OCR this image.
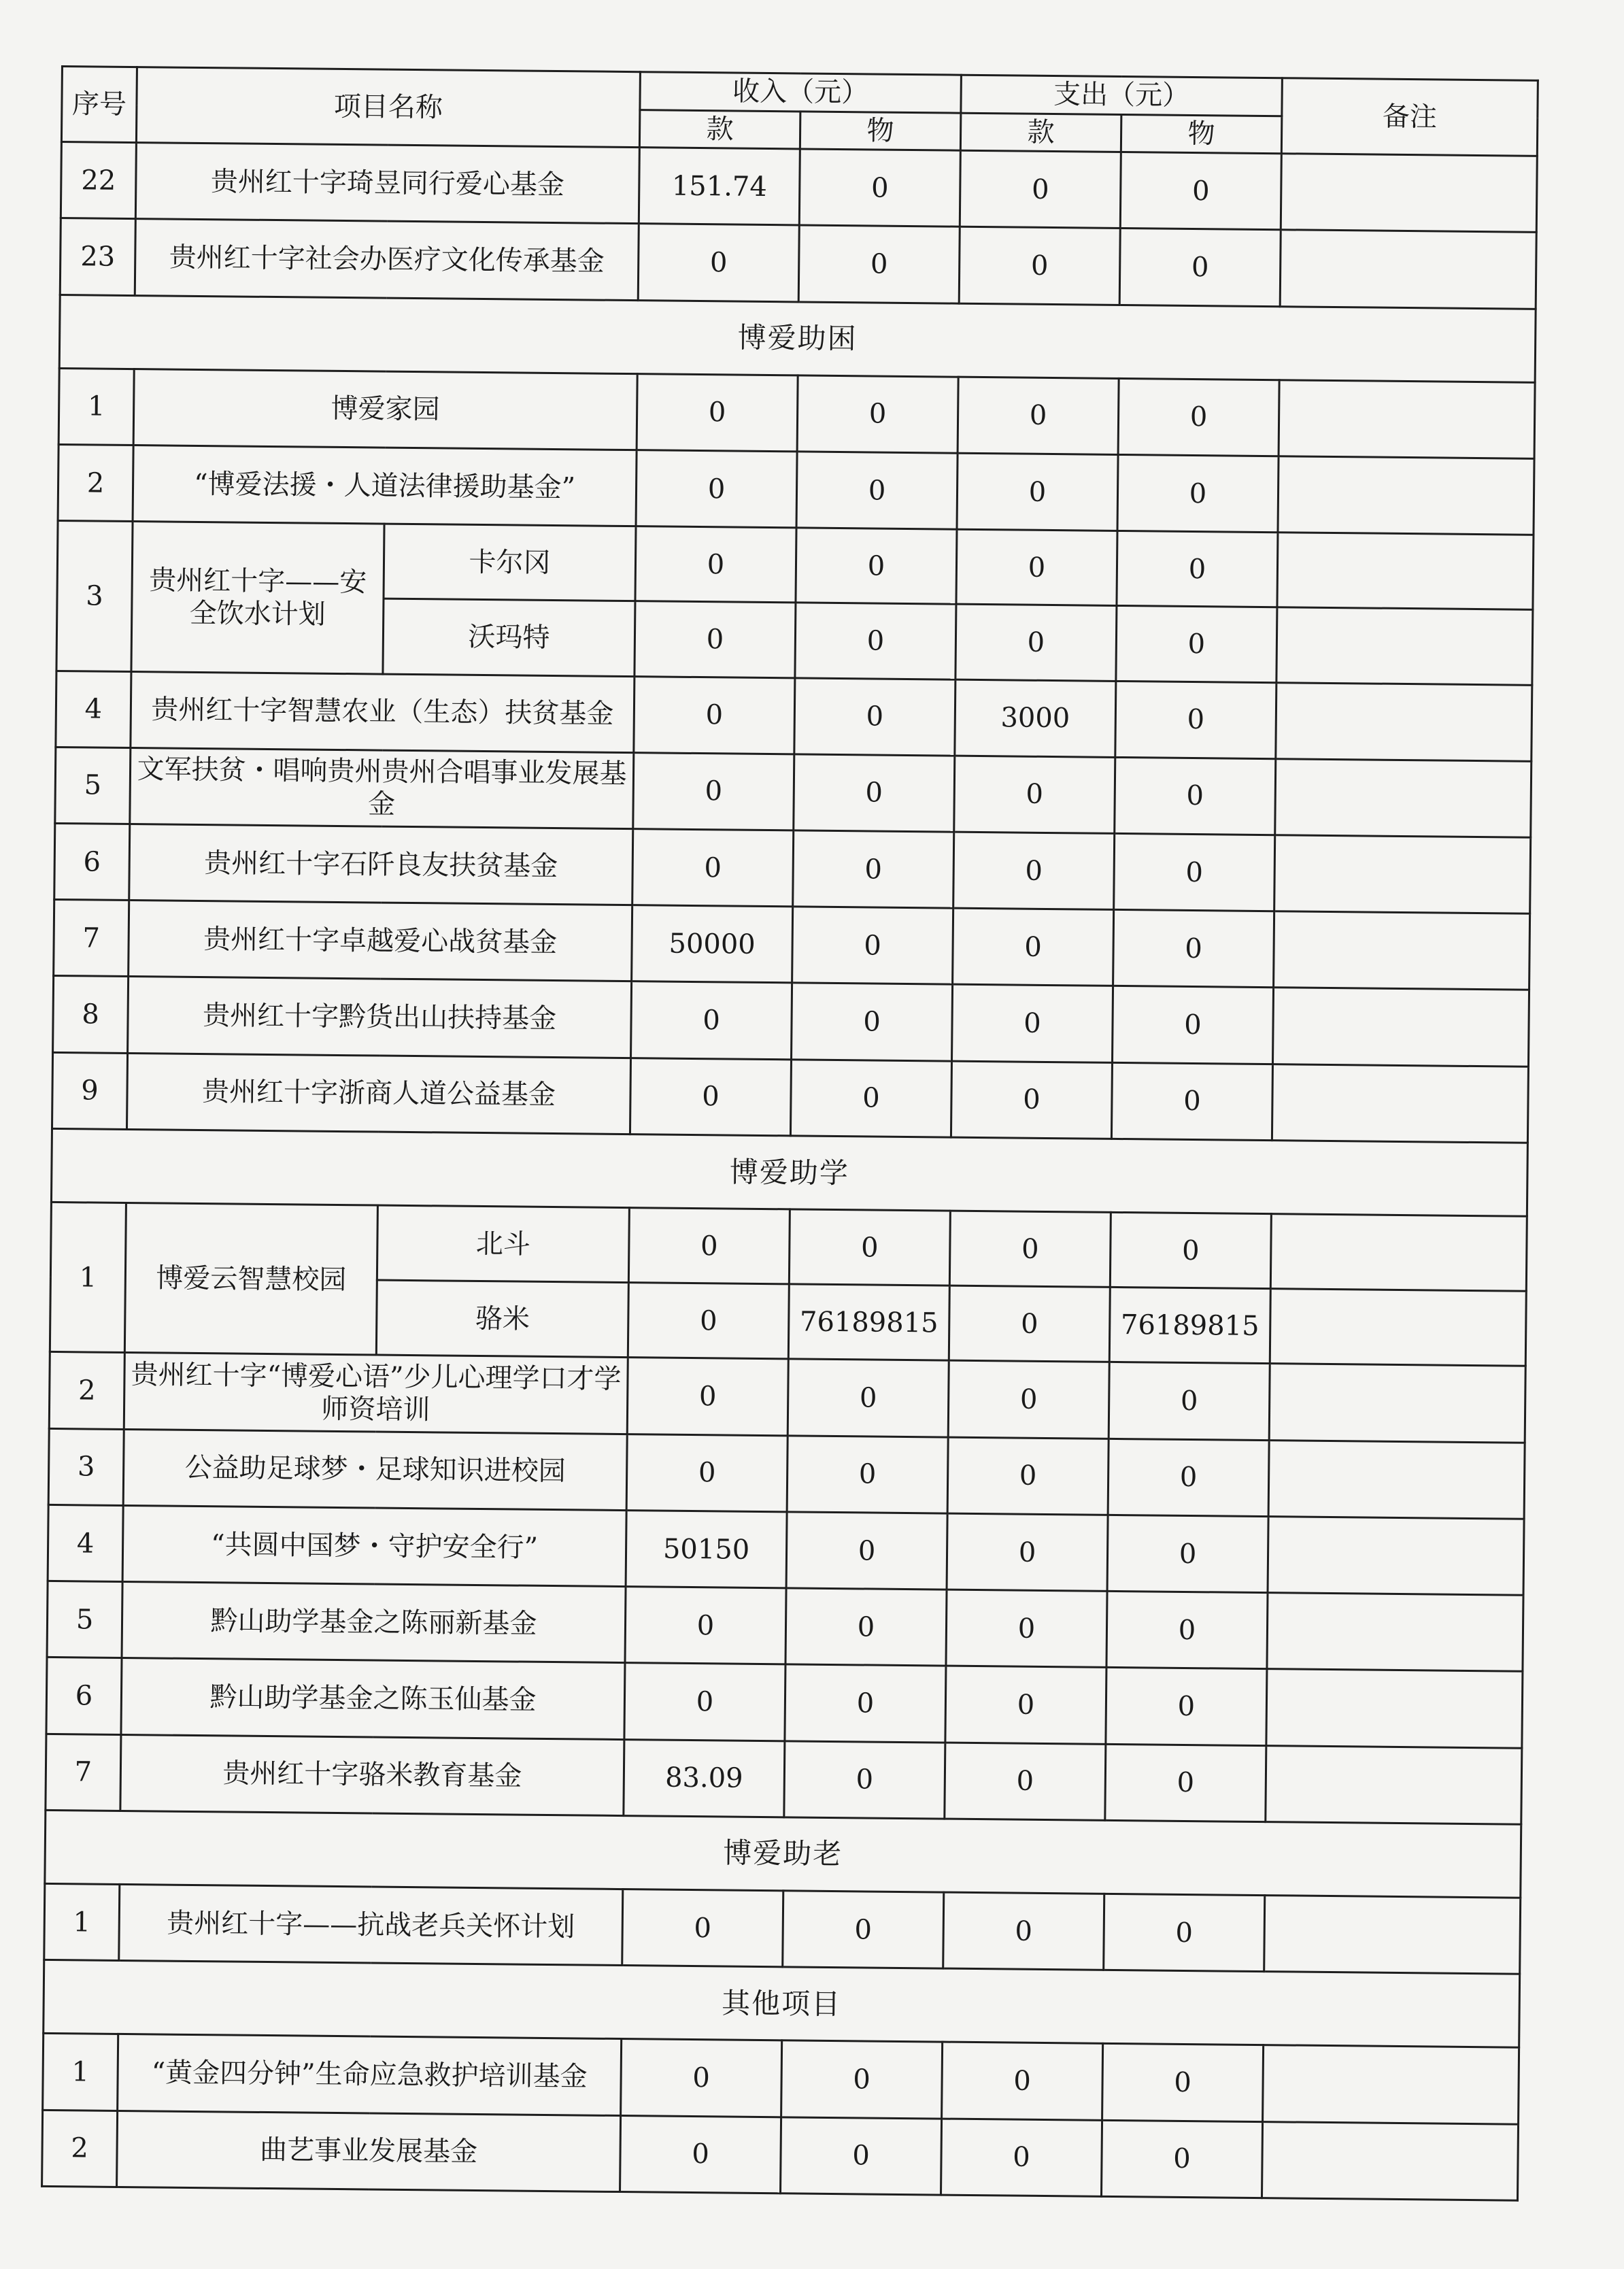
序号	项目名称		收入（元）		支出（元）		备注
			款	物	款	物	
22	贵州红十字琦昱同行爱心基金		151.74	0	0	0	
23	贵州红十字社会办医疗文化传承基金		0	0	0	0	
博爱助困							
1	博爱家园		0	0	0	0	
2	“博爱法援・人道法律援助基金”		0	0	0	0	
3	贵州红十字——安全饮水计划	卡尔冈	0	0	0	0	
		沃玛特	0	0	0	0	
4	贵州红十字智慧农业（生态）扶贫基金		0	0	3000	0	
5	文军扶贫・唱响贵州贵州合唱事业发展基金		0	0	0	0	
6	贵州红十字石阡良友扶贫基金		0	0	0	0	
7	贵州红十字卓越爱心战贫基金		50000	0	0	0	
8	贵州红十字黔货出山扶持基金		0	0	0	0	
9	贵州红十字浙商人道公益基金		0	0	0	0	
博爱助学							
1	博爱云智慧校园	北斗	0	0	0	0	
		骆米	0	76189815	0	76189815	
2	贵州红十字“博爱心语”少儿心理学口才学师资培训		0	0	0	0	
3	公益助足球梦・足球知识进校园		0	0	0	0	
4	“共圆中国梦・守护安全行”		50150	0	0	0	
5	黔山助学基金之陈丽新基金		0	0	0	0	
6	黔山助学基金之陈玉仙基金		0	0	0	0	
7	贵州红十字骆米教育基金		83.09	0	0	0	
博爱助老							
1	贵州红十字——抗战老兵关怀计划		0	0	0	0	
其他项目							
1	“黄金四分钟”生命应急救护培训基金		0	0	0	0	
2	曲艺事业发展基金		0	0	0	0	
